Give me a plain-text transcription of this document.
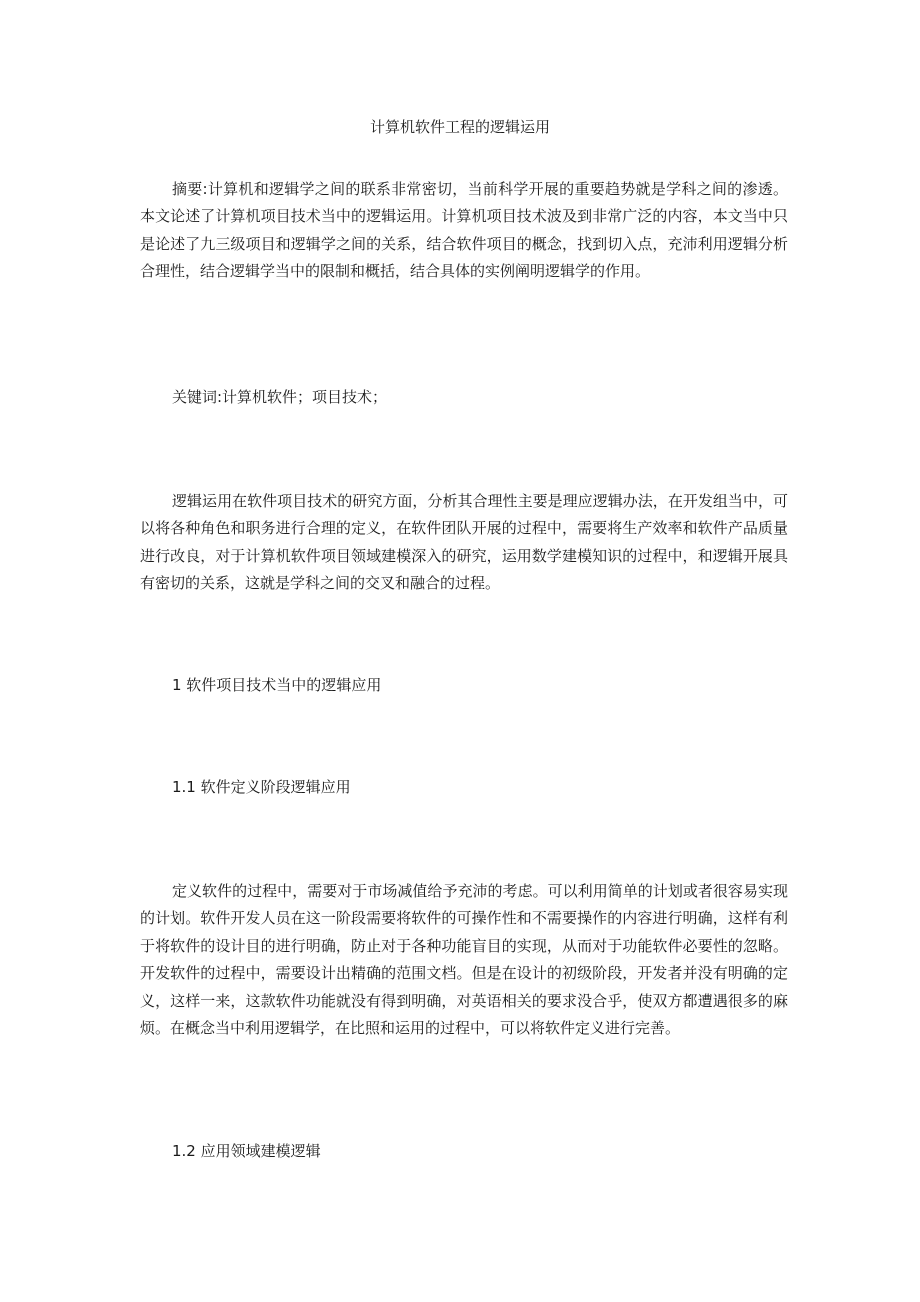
计算机软件工程的逻辑运用

摘要:计算机和逻辑学之间的联系非常密切，当前科学开展的重要趋势就是学科之间的渗透。本文论述了计算机项目技术当中的逻辑运用。计算机项目技术波及到非常广泛的内容，本文当中只是论述了九三级项目和逻辑学之间的关系，结合软件项目的概念，找到切入点，充沛利用逻辑分析合理性，结合逻辑学当中的限制和概括，结合具体的实例阐明逻辑学的作用。

关键词:计算机软件；项目技术；

逻辑运用在软件项目技术的研究方面，分析其合理性主要是理应逻辑办法，在开发组当中，可以将各种角色和职务进行合理的定义，在软件团队开展的过程中，需要将生产效率和软件产品质量进行改良，对于计算机软件项目领域建模深入的研究，运用数学建模知识的过程中，和逻辑开展具有密切的关系，这就是学科之间的交叉和融合的过程。

1 软件项目技术当中的逻辑应用
1.1 软件定义阶段逻辑应用

定义软件的过程中，需要对于市场减值给予充沛的考虑。可以利用简单的计划或者很容易实现的计划。软件开发人员在这一阶段需要将软件的可操作性和不需要操作的内容进行明确，这样有利于将软件的设计目的进行明确，防止对于各种功能盲目的实现，从而对于功能软件必要性的忽略。开发软件的过程中，需要设计出精确的范围文档。但是在设计的初级阶段，开发者并没有明确的定义，这样一来，这款软件功能就没有得到明确，对英语相关的要求没合乎，使双方都遭遇很多的麻烦。在概念当中利用逻辑学，在比照和运用的过程中，可以将软件定义进行完善。

1.2 应用领域建模逻辑
